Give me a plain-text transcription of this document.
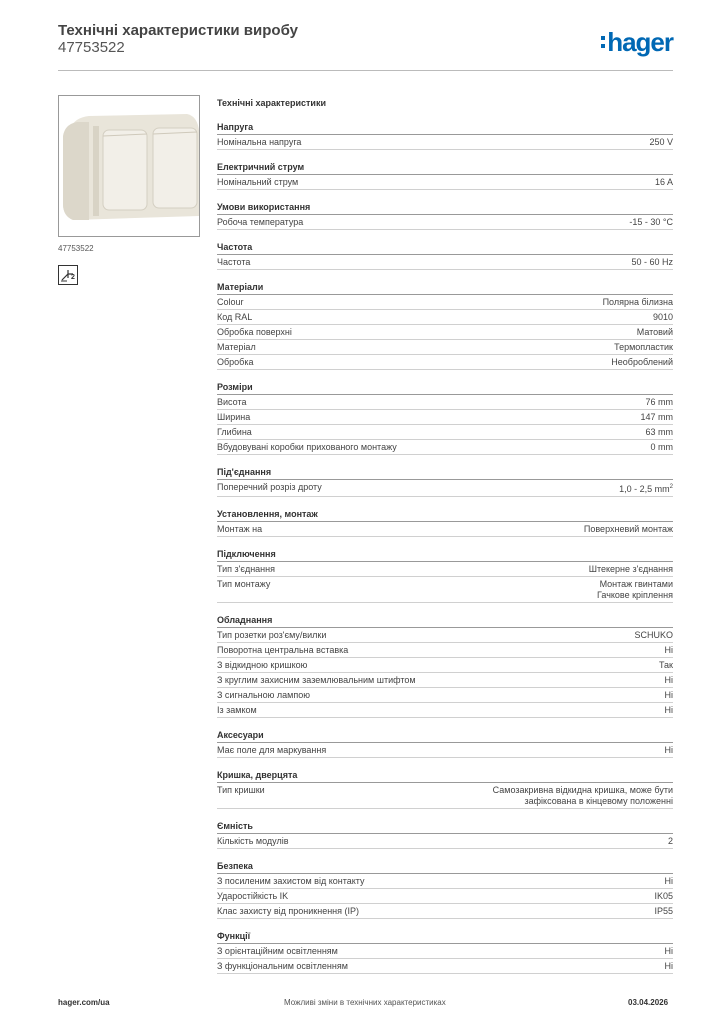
Технічні характеристики виробу
47753522	hager
47753522
2
Технічні характеристики
Напруга
Номінальна напруга	250 V
Електричний струм
Номінальний струм	16 A
Умови використання
Робоча температура	-15 - 30 °C
Частота
Частота	50 - 60 Hz
Матеріали
Colour	Полярна білизна
Код RAL	9010
Обробка поверхні	Матовий
Матеріал	Термопластик
Обробка	Необроблений
Розміри
Висота	76 mm
Ширина	147 mm
Глибина	63 mm
Вбудовувані коробки прихованого монтажу	0 mm
Під'єднання
Поперечний розріз дроту	1,0 - 2,5 $mm^2$
Установлення, монтаж
Монтаж на	Поверхневий монтаж
Підключення
Тип з'єднання	Штекерне з'єднання
Тип монтажу	Монтаж гвинтами
Гачкове кріплення
Обладнання
Тип розетки роз'єму/вилки	SCHUKO
Поворотна центральна вставка	Ні
З відкидною кришкою	Так
З круглим захисним заземлювальним штифтом	Ні
З сигнальною лампою	Ні
Із замком	Ні
Аксесуари
Має поле для маркування	Ні
Кришка, дверцята
Тип кришки	Самозакривна відкидна кришка, може бути
зафіксована в кінцевому положенні
Ємність
Кількість модулів	2
Безпека
З посиленим захистом від контакту	Ні
Ударостійкість IK	IK05
Клас захисту від проникнення (IP)	IP55
Функції
З орієнтаційним освітленням	Ні
З функціональним освітленням	Ні
hager.com/ua	Можливі зміни в технічних характеристиках	03.04.2026
